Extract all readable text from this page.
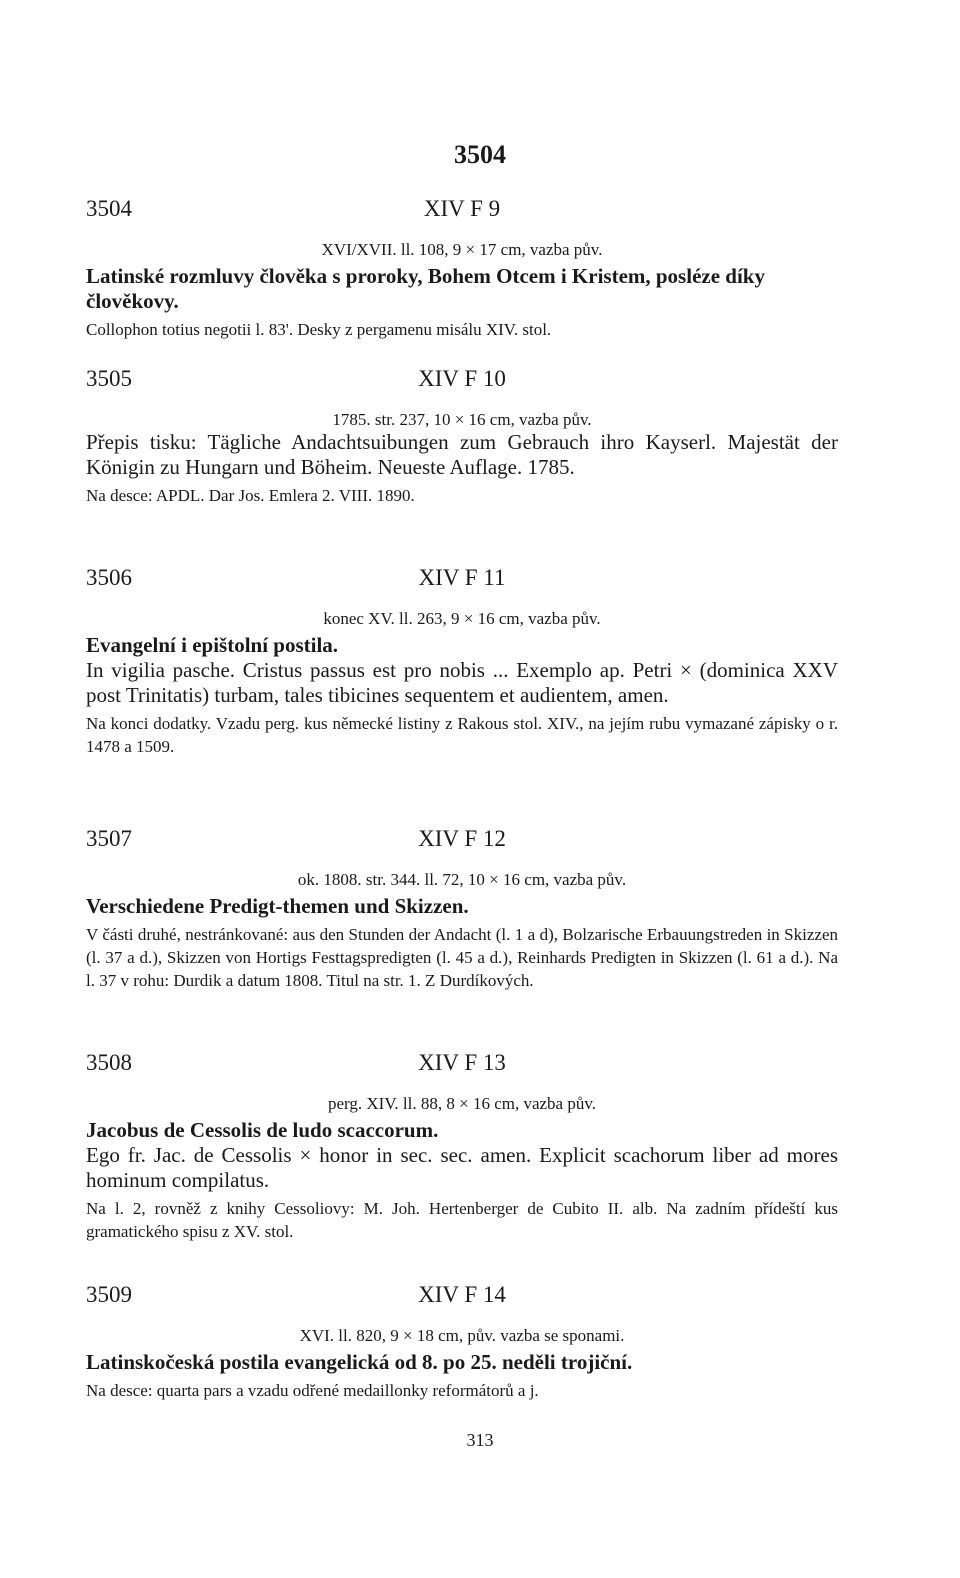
3504
3504	XIV F 9
XVI/XVII. ll. 108, 9 × 17 cm, vazba pův.
Latinské rozmluvy člověka s proroky, Bohem Otcem i Kristem, posléze díky člověkovy.
Collophon totius negotii l. 83'. Desky z pergamenu misálu XIV. stol.
3505	XIV F 10
1785. str. 237, 10 × 16 cm, vazba pův.
Přepis tisku: Tägliche Andachtsuibungen zum Gebrauch ihro Kayserl. Majestät der Königin zu Hungarn und Böheim. Neueste Auflage. 1785.
Na desce: APDL. Dar Jos. Emlera 2. VIII. 1890.
3506	XIV F 11
konec XV. ll. 263, 9 × 16 cm, vazba pův.
Evangelní i epištolní postila.
In vigilia pasche. Cristus passus est pro nobis ... Exemplo ap. Petri × (dominica XXV post Trinitatis) turbam, tales tibicines sequentem et audientem, amen.
Na konci dodatky. Vzadu perg. kus německé listiny z Rakous stol. XIV., na jejím rubu vymazané zápisky o r. 1478 a 1509.
3507	XIV F 12
ok. 1808. str. 344. ll. 72, 10 × 16 cm, vazba pův.
Verschiedene Predigt-themen und Skizzen.
V části druhé, nestránkované: aus den Stunden der Andacht (l. 1 a d), Bolzarische Erbauungstreden in Skizzen (l. 37 a d.), Skizzen von Hortigs Festtagspredigten (l. 45 a d.), Reinhards Predigten in Skizzen (l. 61 a d.). Na l. 37 v rohu: Durdik a datum 1808. Titul na str. 1. Z Durdíkových.
3508	XIV F 13
perg. XIV. ll. 88, 8 × 16 cm, vazba pův.
Jacobus de Cessolis de ludo scaccorum.
Ego fr. Jac. de Cessolis × honor in sec. sec. amen. Explicit scachorum liber ad mores hominum compilatus.
Na l. 2, rovněž z knihy Cessoliovy: M. Joh. Hertenberger de Cubito II. alb. Na zadním přídeští kus gramatického spisu z XV. stol.
3509	XIV F 14
XVI. ll. 820, 9 × 18 cm, pův. vazba se sponami.
Latinskočeská postila evangelická od 8. po 25. neděli trojiční.
Na desce: quarta pars a vzadu odřené medaillonky reformátorů a j.
313
